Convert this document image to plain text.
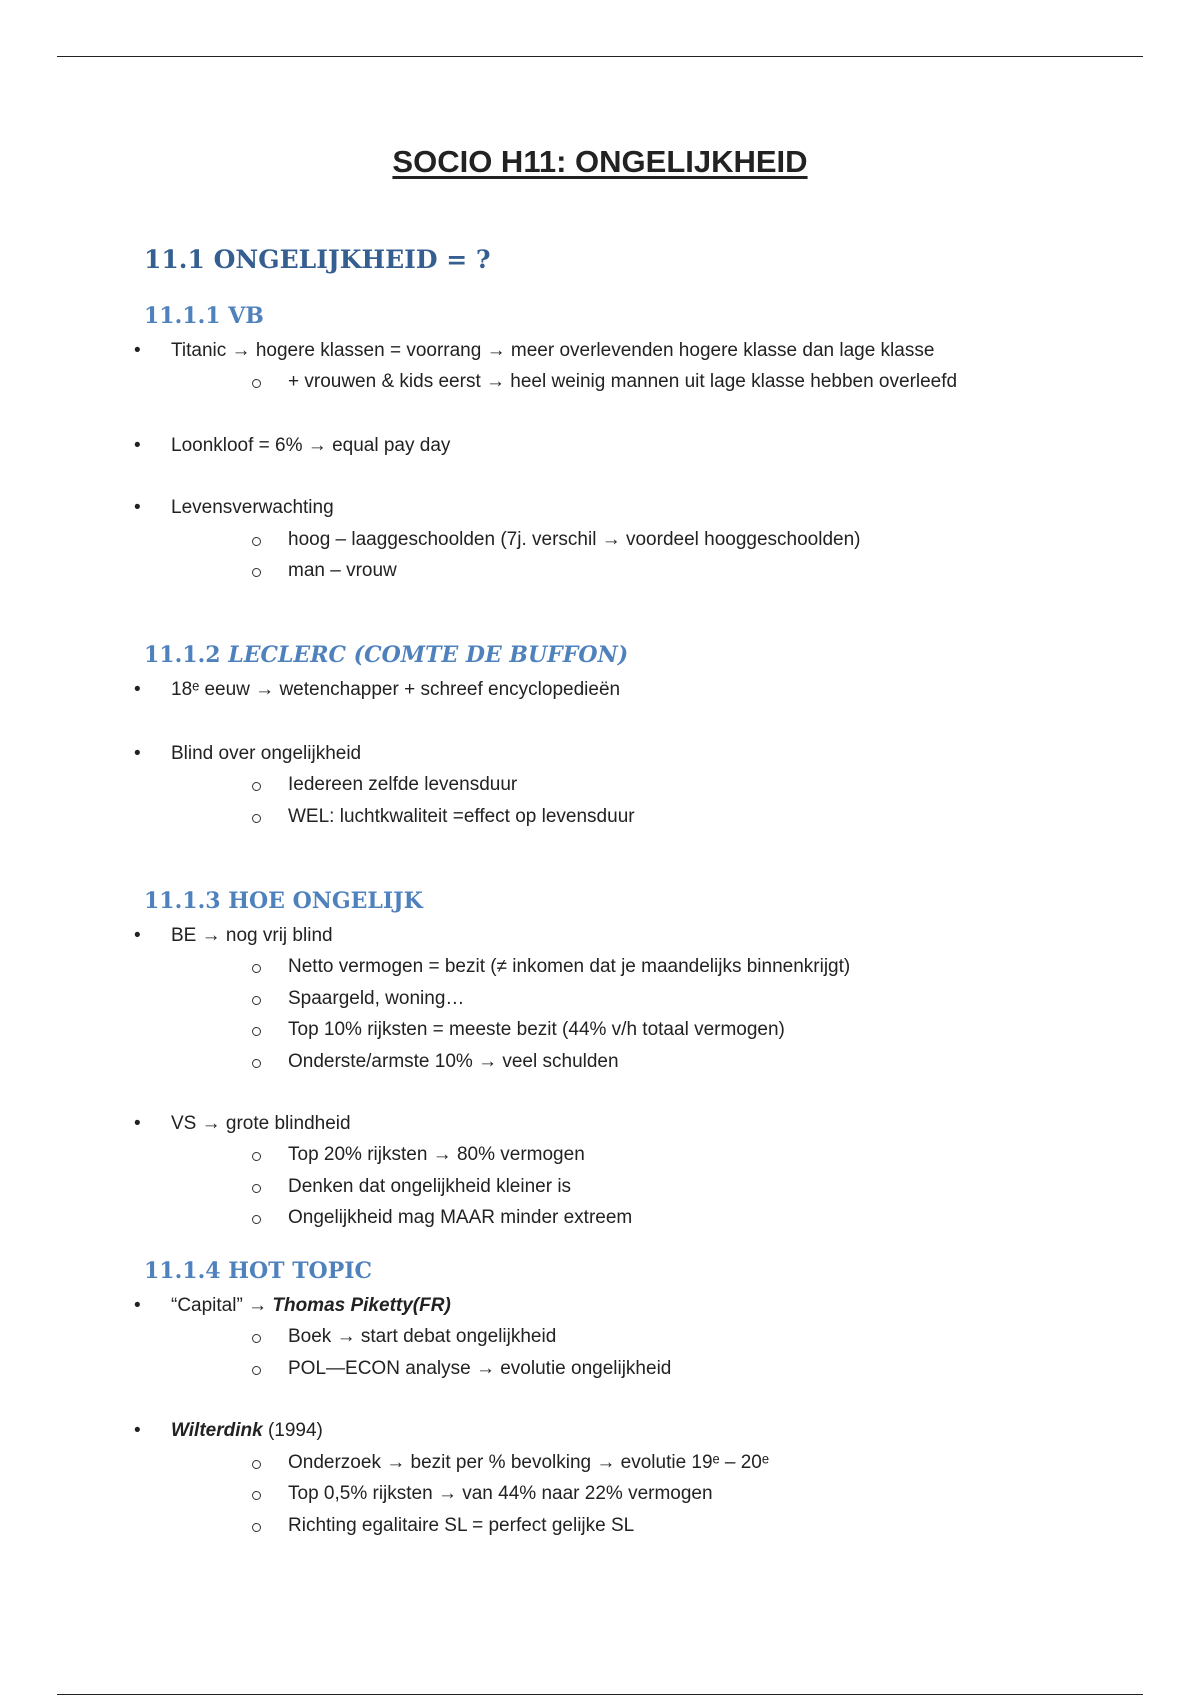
SOCIO H11: ONGELIJKHEID
11.1 ONGELIJKHEID = ?
11.1.1 VB
Titanic → hogere klassen = voorrang → meer overlevenden hogere klasse dan lage klasse
+ vrouwen & kids eerst → heel weinig mannen uit lage klasse hebben overleefd
Loonkloof = 6% → equal pay day
Levensverwachting
hoog – laaggeschoolden (7j. verschil → voordeel hooggeschoolden)
man – vrouw
11.1.2 LECLERC (COMTE DE BUFFON)
18ᵉ eeuw → wetenchapper + schreef encyclopedieën
Blind over ongelijkheid
Iedereen zelfde levensduur
WEL: luchtkwaliteit =effect op levensduur
11.1.3 HOE ONGELIJK
BE → nog vrij blind
Netto vermogen = bezit (≠ inkomen dat je maandelijks binnenkrijgt)
Spaargeld, woning…
Top 10% rijksten = meeste bezit (44% v/h totaal vermogen)
Onderste/armste 10% → veel schulden
VS → grote blindheid
Top 20% rijksten → 80% vermogen
Denken dat ongelijkheid kleiner is
Ongelijkheid mag MAAR minder extreem
11.1.4 HOT TOPIC
“Capital” → Thomas Piketty(FR)
Boek → start debat ongelijkheid
POL—ECON analyse → evolutie ongelijkheid
Wilterdink (1994)
Onderzoek → bezit per % bevolking → evolutie 19ᵉ – 20ᵉ
Top 0,5% rijksten → van 44% naar 22% vermogen
Richting egalitaire SL = perfect gelijke SL
